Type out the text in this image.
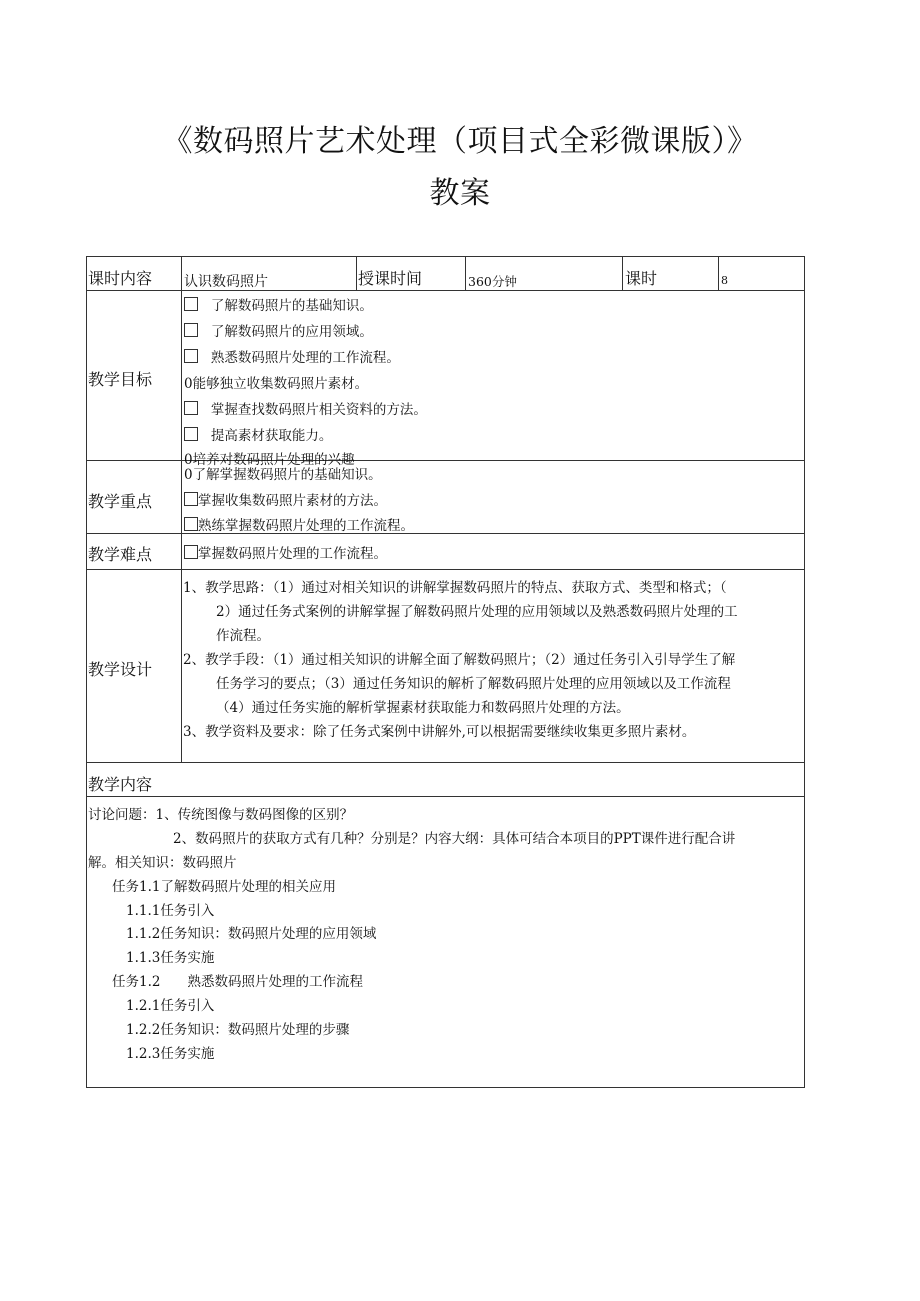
《数码照片艺术处理（项目式全彩微课版）》
教案
课时内容 认识数码照片	授课时间	360分钟	课时	8
教学目标
了解数码照片的基础知识。
了解数码照片的应用领域。
熟悉数码照片处理的工作流程。
0能够独立收集数码照片素材。
掌握查找数码照片相关资料的方法。
提高素材获取能力。
0培养对数码照片处理的兴趣
教学重点
0了解掌握数码照片的基础知识。
掌握收集数码照片素材的方法。
熟练掌握数码照片处理的工作流程。
教学难点	掌握数码照片处理的工作流程。
教学设计
1、教学思路：（1）通过对相关知识的讲解掌握数码照片的特点、获取方式、类型和格式；（
2）通过任务式案例的讲解掌握了解数码照片处理的应用领域以及熟悉数码照片处理的工
作流程。
2、教学手段：（1）通过相关知识的讲解全面了解数码照片；（2）通过任务引入引导学生了解
任务学习的要点；（3）通过任务知识的解析了解数码照片处理的应用领域以及工作流程
（4）通过任务实施的解析掌握素材获取能力和数码照片处理的方法。
3、教学资料及要求：除了任务式案例中讲解外,可以根据需要继续收集更多照片素材。
教学内容
讨论问题：1、传统图像与数码图像的区别？
2、数码照片的获取方式有几种？分别是？内容大纲：具体可结合本项目的PPT课件进行配合讲
解。相关知识：数码照片
任务1.1了解数码照片处理的相关应用
1.1.1任务引入
1.1.2任务知识：数码照片处理的应用领域
1.1.3任务实施
任务1.2　　熟悉数码照片处理的工作流程
1.2.1任务引入
1.2.2任务知识：数码照片处理的步骤
1.2.3任务实施
